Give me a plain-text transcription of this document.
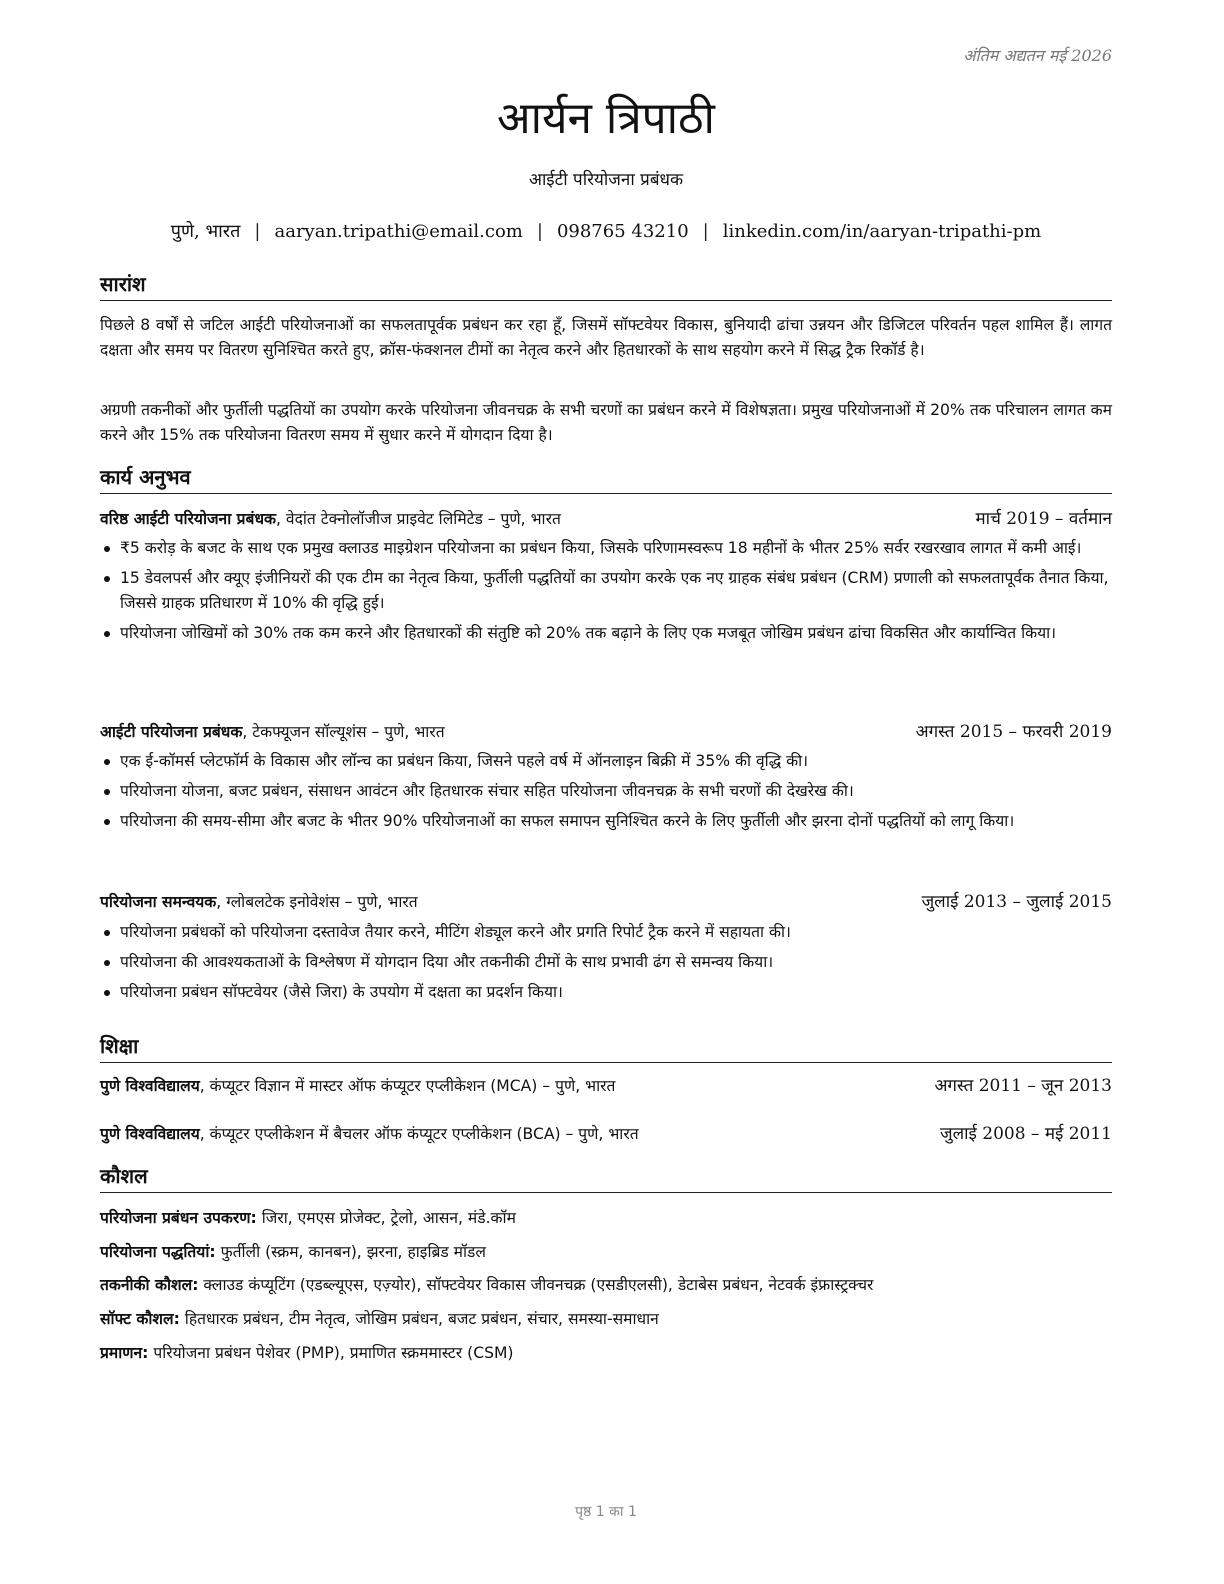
अंतिम अद्यतन मई 2026
आर्यन त्रिपाठी
आईटी परियोजना प्रबंधक
पुणे, भारत | aaryan.tripathi@email.com | 098765 43210 | linkedin.com/in/aaryan-tripathi-pm
सारांश

पिछले 8 वर्षों से जटिल आईटी परियोजनाओं का सफलतापूर्वक प्रबंधन कर रहा हूँ, जिसमें सॉफ्टवेयर विकास, बुनियादी ढांचा उन्नयन और डिजिटल परिवर्तन पहल शामिल हैं। लागत दक्षता और समय पर वितरण सुनिश्चित करते हुए, क्रॉस-फंक्शनल टीमों का नेतृत्व करने और हितधारकों के साथ सहयोग करने में सिद्ध ट्रैक रिकॉर्ड है।

अग्रणी तकनीकों और फुर्तीली पद्धतियों का उपयोग करके परियोजना जीवनचक्र के सभी चरणों का प्रबंधन करने में विशेषज्ञता। प्रमुख परियोजनाओं में 20% तक परिचालन लागत कम करने और 15% तक परियोजना वितरण समय में सुधार करने में योगदान दिया है।

कार्य अनुभव
वरिष्ठ आईटी परियोजना प्रबंधक, वेदांत टेक्नोलॉजीज प्राइवेट लिमिटेड – पुणे, भारत	मार्च 2019 – वर्तमान
₹5 करोड़ के बजट के साथ एक प्रमुख क्लाउड माइग्रेशन परियोजना का प्रबंधन किया, जिसके परिणामस्वरूप 18 महीनों के भीतर 25% सर्वर रखरखाव लागत में कमी आई।
15 डेवलपर्स और क्यूए इंजीनियरों की एक टीम का नेतृत्व किया, फुर्तीली पद्धतियों का उपयोग करके एक नए ग्राहक संबंध प्रबंधन (CRM) प्रणाली को सफलतापूर्वक तैनात किया, जिससे ग्राहक प्रतिधारण में 10% की वृद्धि हुई।
परियोजना जोखिमों को 30% तक कम करने और हितधारकों की संतुष्टि को 20% तक बढ़ाने के लिए एक मजबूत जोखिम प्रबंधन ढांचा विकसित और कार्यान्वित किया।
आईटी परियोजना प्रबंधक, टेकफ्यूजन सॉल्यूशंस – पुणे, भारत	अगस्त 2015 – फरवरी 2019
एक ई-कॉमर्स प्लेटफॉर्म के विकास और लॉन्च का प्रबंधन किया, जिसने पहले वर्ष में ऑनलाइन बिक्री में 35% की वृद्धि की।
परियोजना योजना, बजट प्रबंधन, संसाधन आवंटन और हितधारक संचार सहित परियोजना जीवनचक्र के सभी चरणों की देखरेख की।
परियोजना की समय-सीमा और बजट के भीतर 90% परियोजनाओं का सफल समापन सुनिश्चित करने के लिए फुर्तीली और झरना दोनों पद्धतियों को लागू किया।
परियोजना समन्वयक, ग्लोबलटेक इनोवेशंस – पुणे, भारत	जुलाई 2013 – जुलाई 2015
परियोजना प्रबंधकों को परियोजना दस्तावेज तैयार करने, मीटिंग शेड्यूल करने और प्रगति रिपोर्ट ट्रैक करने में सहायता की।
परियोजना की आवश्यकताओं के विश्लेषण में योगदान दिया और तकनीकी टीमों के साथ प्रभावी ढंग से समन्वय किया।
परियोजना प्रबंधन सॉफ्टवेयर (जैसे जिरा) के उपयोग में दक्षता का प्रदर्शन किया।
शिक्षा
पुणे विश्वविद्यालय, कंप्यूटर विज्ञान में मास्टर ऑफ कंप्यूटर एप्लीकेशन (MCA) – पुणे, भारत	अगस्त 2011 – जून 2013
पुणे विश्वविद्यालय, कंप्यूटर एप्लीकेशन में बैचलर ऑफ कंप्यूटर एप्लीकेशन (BCA) – पुणे, भारत	जुलाई 2008 – मई 2011
कौशल
परियोजना प्रबंधन उपकरण: जिरा, एमएस प्रोजेक्ट, ट्रेलो, आसन, मंडे.कॉम
परियोजना पद्धतियां: फुर्तीली (स्क्रम, कानबन), झरना, हाइब्रिड मॉडल
तकनीकी कौशल: क्लाउड कंप्यूटिंग (एडब्ल्यूएस, एज़्योर), सॉफ्टवेयर विकास जीवनचक्र (एसडीएलसी), डेटाबेस प्रबंधन, नेटवर्क इंफ्रास्ट्रक्चर
सॉफ्ट कौशल: हितधारक प्रबंधन, टीम नेतृत्व, जोखिम प्रबंधन, बजट प्रबंधन, संचार, समस्या-समाधान
प्रमाणन: परियोजना प्रबंधन पेशेवर (PMP), प्रमाणित स्क्रममास्टर (CSM)
पृष्ठ 1 का 1
